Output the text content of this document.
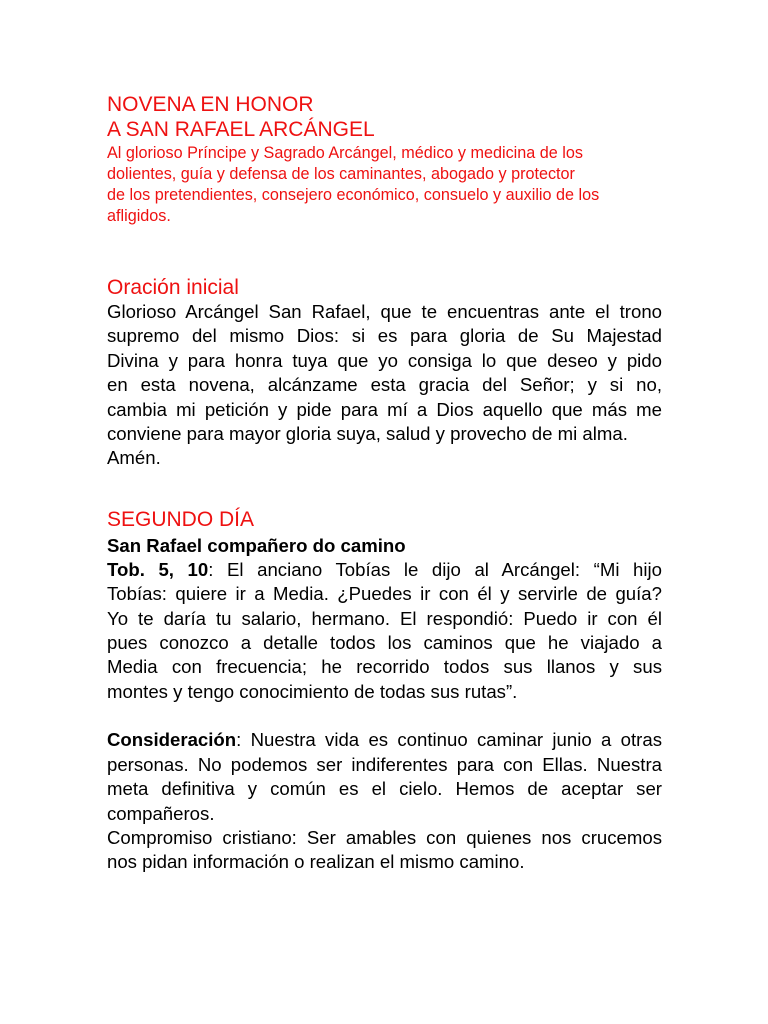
NOVENA EN HONOR
A SAN RAFAEL ARCÁNGEL

Al glorioso Príncipe y Sagrado Arcángel, médico y medicina de los
dolientes, guía y defensa de los caminantes, abogado y protector
de los pretendientes, consejero económico, consuelo y auxilio de los
afligidos.

Oración inicial

Glorioso Arcángel San Rafael, que te encuentras ante el trono
supremo del mismo Dios: si es para gloria de Su Majestad
Divina y para honra tuya que yo consiga lo que deseo y pido
en esta novena, alcánzame esta gracia del Señor; y si no,
cambia mi petición y pide para mí a Dios aquello que más me
conviene para mayor gloria suya, salud y provecho de mi alma.
Amén.

SEGUNDO DÍA

San Rafael compañero do camino

Tob. 5, 10: El anciano Tobías le dijo al Arcángel: “Mi hijo
Tobías: quiere ir a Media. ¿Puedes ir con él y servirle de guía?
Yo te daría tu salario, hermano. El respondió: Puedo ir con él
pues conozco a detalle todos los caminos que he viajado a
Media con frecuencia; he recorrido todos sus llanos y sus
montes y tengo conocimiento de todas sus rutas”.

Consideración: Nuestra vida es continuo caminar junio a otras
personas. No podemos ser indiferentes para con Ellas. Nuestra
meta definitiva y común es el cielo. Hemos de aceptar ser
compañeros.
Compromiso cristiano: Ser amables con quienes nos crucemos
nos pidan información o realizan el mismo camino.
